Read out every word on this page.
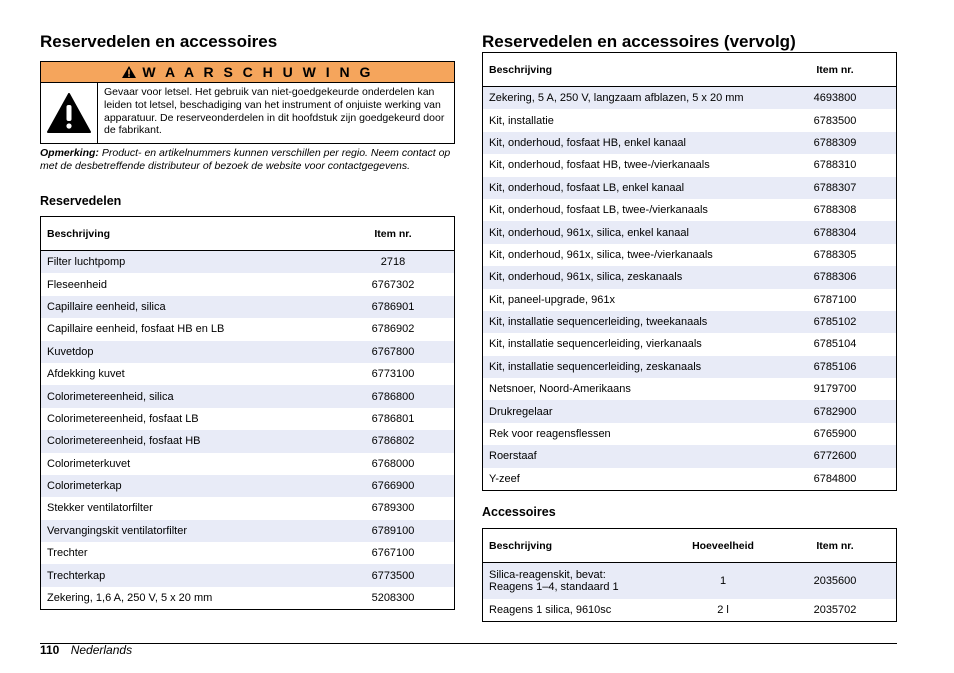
Reservedelen en accessoires
W A A R S C H U W I N G
Gevaar voor letsel. Het gebruik van niet-goedgekeurde onderdelen kan leiden tot letsel, beschadiging van het instrument of onjuiste werking van apparatuur. De reserveonderdelen in dit hoofdstuk zijn goedgekeurd door de fabrikant.
Opmerking: Product- en artikelnummers kunnen verschillen per regio. Neem contact op met de desbetreffende distributeur of bezoek de website voor contactgegevens.
Reservedelen
Beschrijving	Item nr.
Filter luchtpomp	2718
Fleseenheid	6767302
Capillaire eenheid, silica	6786901
Capillaire eenheid, fosfaat HB en LB	6786902
Kuvetdop	6767800
Afdekking kuvet	6773100
Colorimetereenheid, silica	6786800
Colorimetereenheid, fosfaat LB	6786801
Colorimetereenheid, fosfaat HB	6786802
Colorimeterkuvet	6768000
Colorimeterkap	6766900
Stekker ventilatorfilter	6789300
Vervangingskit ventilatorfilter	6789100
Trechter	6767100
Trechterkap	6773500
Zekering, 1,6 A, 250 V, 5 x 20 mm	5208300
Reservedelen en accessoires (vervolg)
Beschrijving	Item nr.
Zekering, 5 A, 250 V, langzaam afblazen, 5 x 20 mm	4693800
Kit, installatie	6783500
Kit, onderhoud, fosfaat HB, enkel kanaal	6788309
Kit, onderhoud, fosfaat HB, twee-/vierkanaals	6788310
Kit, onderhoud, fosfaat LB, enkel kanaal	6788307
Kit, onderhoud, fosfaat LB, twee-/vierkanaals	6788308
Kit, onderhoud, 961x, silica, enkel kanaal	6788304
Kit, onderhoud, 961x, silica, twee-/vierkanaals	6788305
Kit, onderhoud, 961x, silica, zeskanaals	6788306
Kit, paneel-upgrade, 961x	6787100
Kit, installatie sequencerleiding, tweekanaals	6785102
Kit, installatie sequencerleiding, vierkanaals	6785104
Kit, installatie sequencerleiding, zeskanaals	6785106
Netsnoer, Noord-Amerikaans	9179700
Drukregelaar	6782900
Rek voor reagensflessen	6765900
Roerstaaf	6772600
Y-zeef	6784800
Accessoires
Beschrijving	Hoeveelheid	Item nr.

Silica-reagenskit, bevat:
Reagens 1–4, standaard 1	1	2035600
Reagens 1 silica, 9610sc	2 l	2035702
110 Nederlands
